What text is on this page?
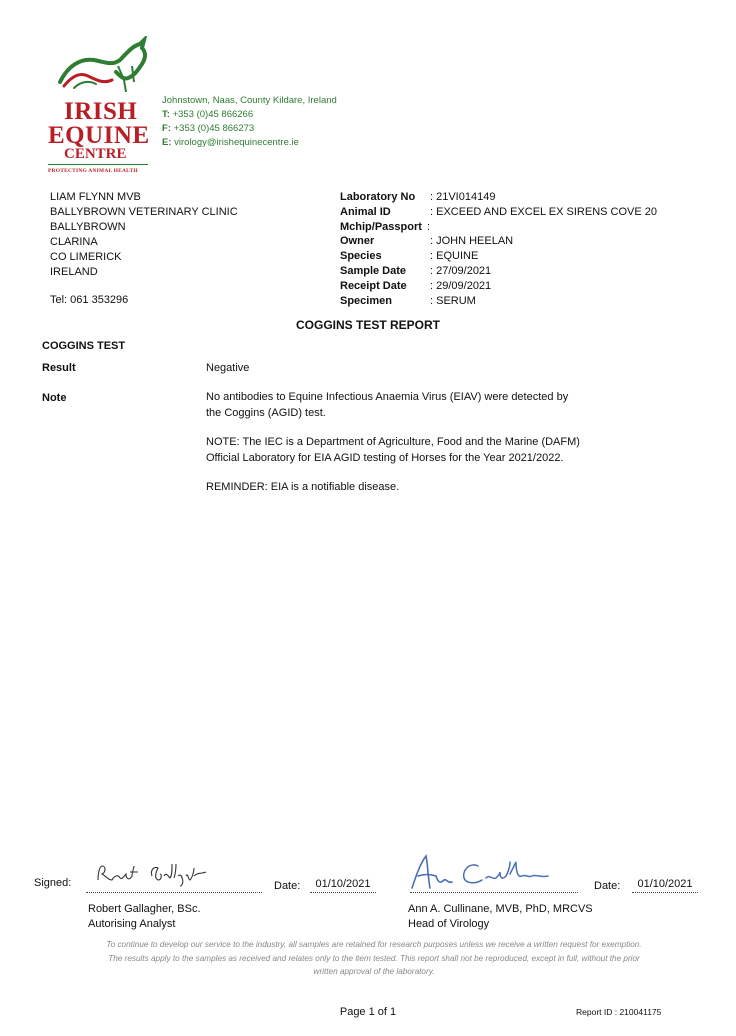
IRISH
EQUINE
CENTRE
PROTECTING ANIMAL HEALTH
Johnstown, Naas, County Kildare, Ireland
T: +353 (0)45 866266
F: +353 (0)45 866273
E: virology@irishequinecentre.ie
LIAM FLYNN MVB
BALLYBROWN VETERINARY CLINIC
BALLYBROWN
CLARINA
CO LIMERICK
IRELAND
Tel: 061 353296
Laboratory No	: 21VI014149
Animal ID	: EXCEED AND EXCEL EX SIRENS COVE 20
Mchip/Passport :
Owner	: JOHN HEELAN
Species	: EQUINE
Sample Date	: 27/09/2021
Receipt Date	: 29/09/2021
Specimen	: SERUM
COGGINS TEST REPORT
COGGINS TEST
Result	Negative
Note	No antibodies to Equine Infectious Anaemia Virus (EIAV) were detected by the Coggins (AGID) test.

NOTE: The IEC is a Department of Agriculture, Food and the Marine (DAFM) Official Laboratory for EIA AGID testing of Horses for the Year 2021/2022.

REMINDER: EIA is a notifiable disease.

Signed:	Date:	01/10/2021	Date:	01/10/2021
Robert Gallagher, BSc.
Autorising Analyst
Ann A. Cullinane, MVB, PhD, MRCVS
Head of Virology
To continue to develop our service to the industry, all samples are retained for research purposes unless we receive a written request for exemption.
The results apply to the samples as received and relates only to the item tested. This report shall not be reproduced, except in full, without the prior
written approval of the laboratory.
Page 1 of 1	Report ID : 210041175
